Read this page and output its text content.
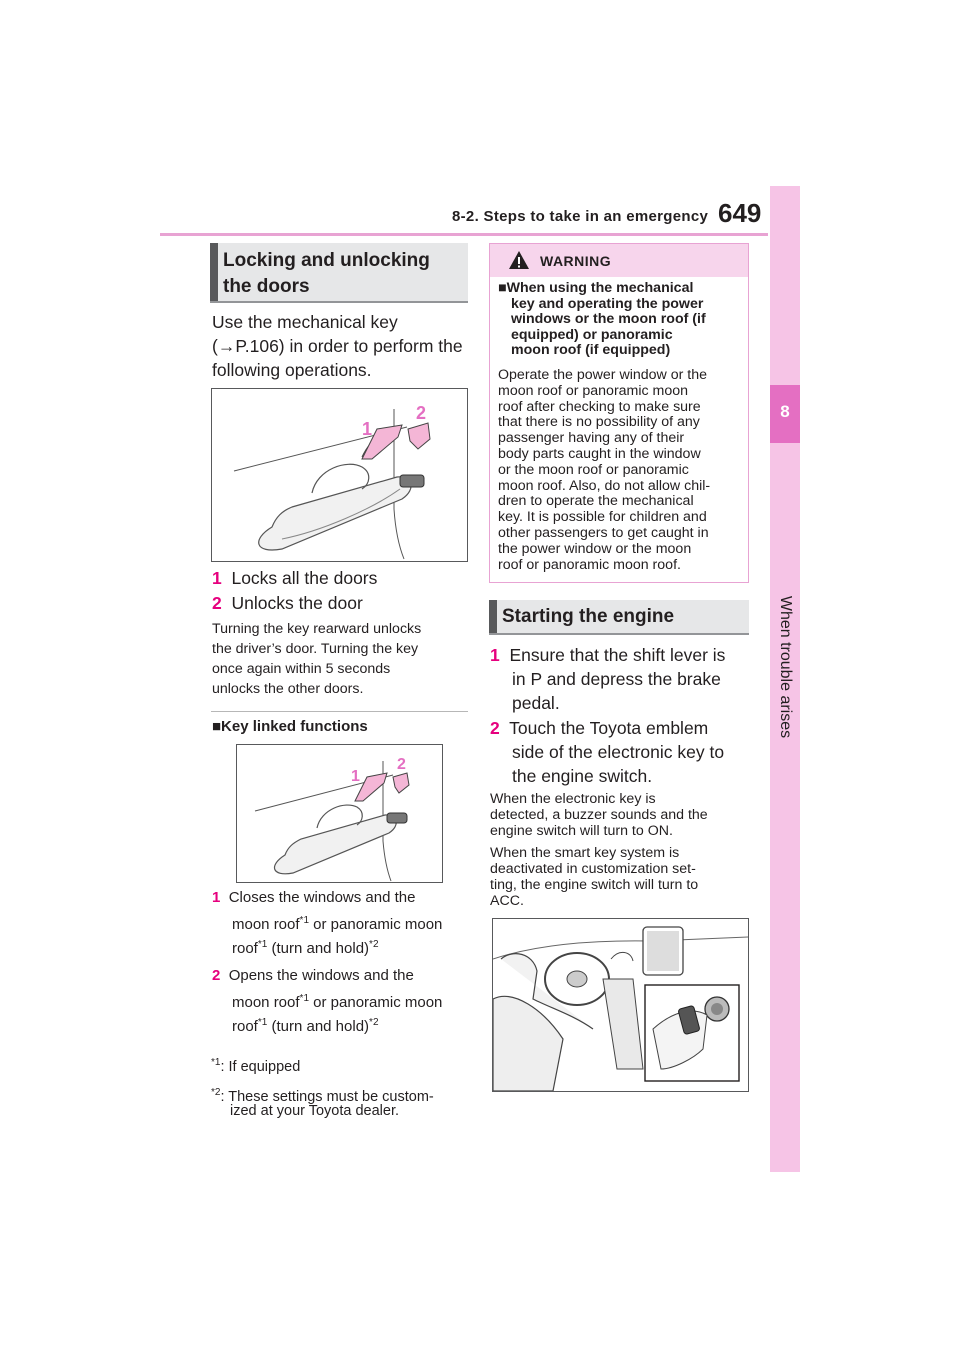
8-2. Steps to take in an emergency 649
8
When trouble arises
Locking and unlocking
the doors
Use the mechanical key
(→P.106) in order to perform the
following operations.
1
2
1 Locks all the doors
2 Unlocks the door
Turning the key rearward unlocks
the driver’s door. Turning the key
once again within 5 seconds
unlocks the other doors.
■Key linked functions
1
2
1 Closes the windows and the
moon roof$^{*1}$ or panoramic moon
roof$^{*1}$ (turn and hold)$^{*2}$
2 Opens the windows and the
moon roof$^{*1}$ or panoramic moon
roof$^{*1}$ (turn and hold)$^{*2}$
$^{*1}$: If equipped
$^{*2}$: These settings must be custom-
ized at your Toyota dealer.
WARNING
■When using the mechanical
key and operating the power
windows or the moon roof (if
equipped) or panoramic
moon roof (if equipped)
Operate the power window or the
moon roof or panoramic moon
roof after checking to make sure
that there is no possibility of any
passenger having any of their
body parts caught in the window
or the moon roof or panoramic
moon roof. Also, do not allow chil-
dren to operate the mechanical
key. It is possible for children and
other passengers to get caught in
the power window or the moon
roof or panoramic moon roof.
Starting the engine
1 Ensure that the shift lever is
in P and depress the brake
pedal.
2 Touch the Toyota emblem
side of the electronic key to
the engine switch.
When the electronic key is
detected, a buzzer sounds and the
engine switch will turn to ON.
When the smart key system is
deactivated in customization set-
ting, the engine switch will turn to
ACC.
